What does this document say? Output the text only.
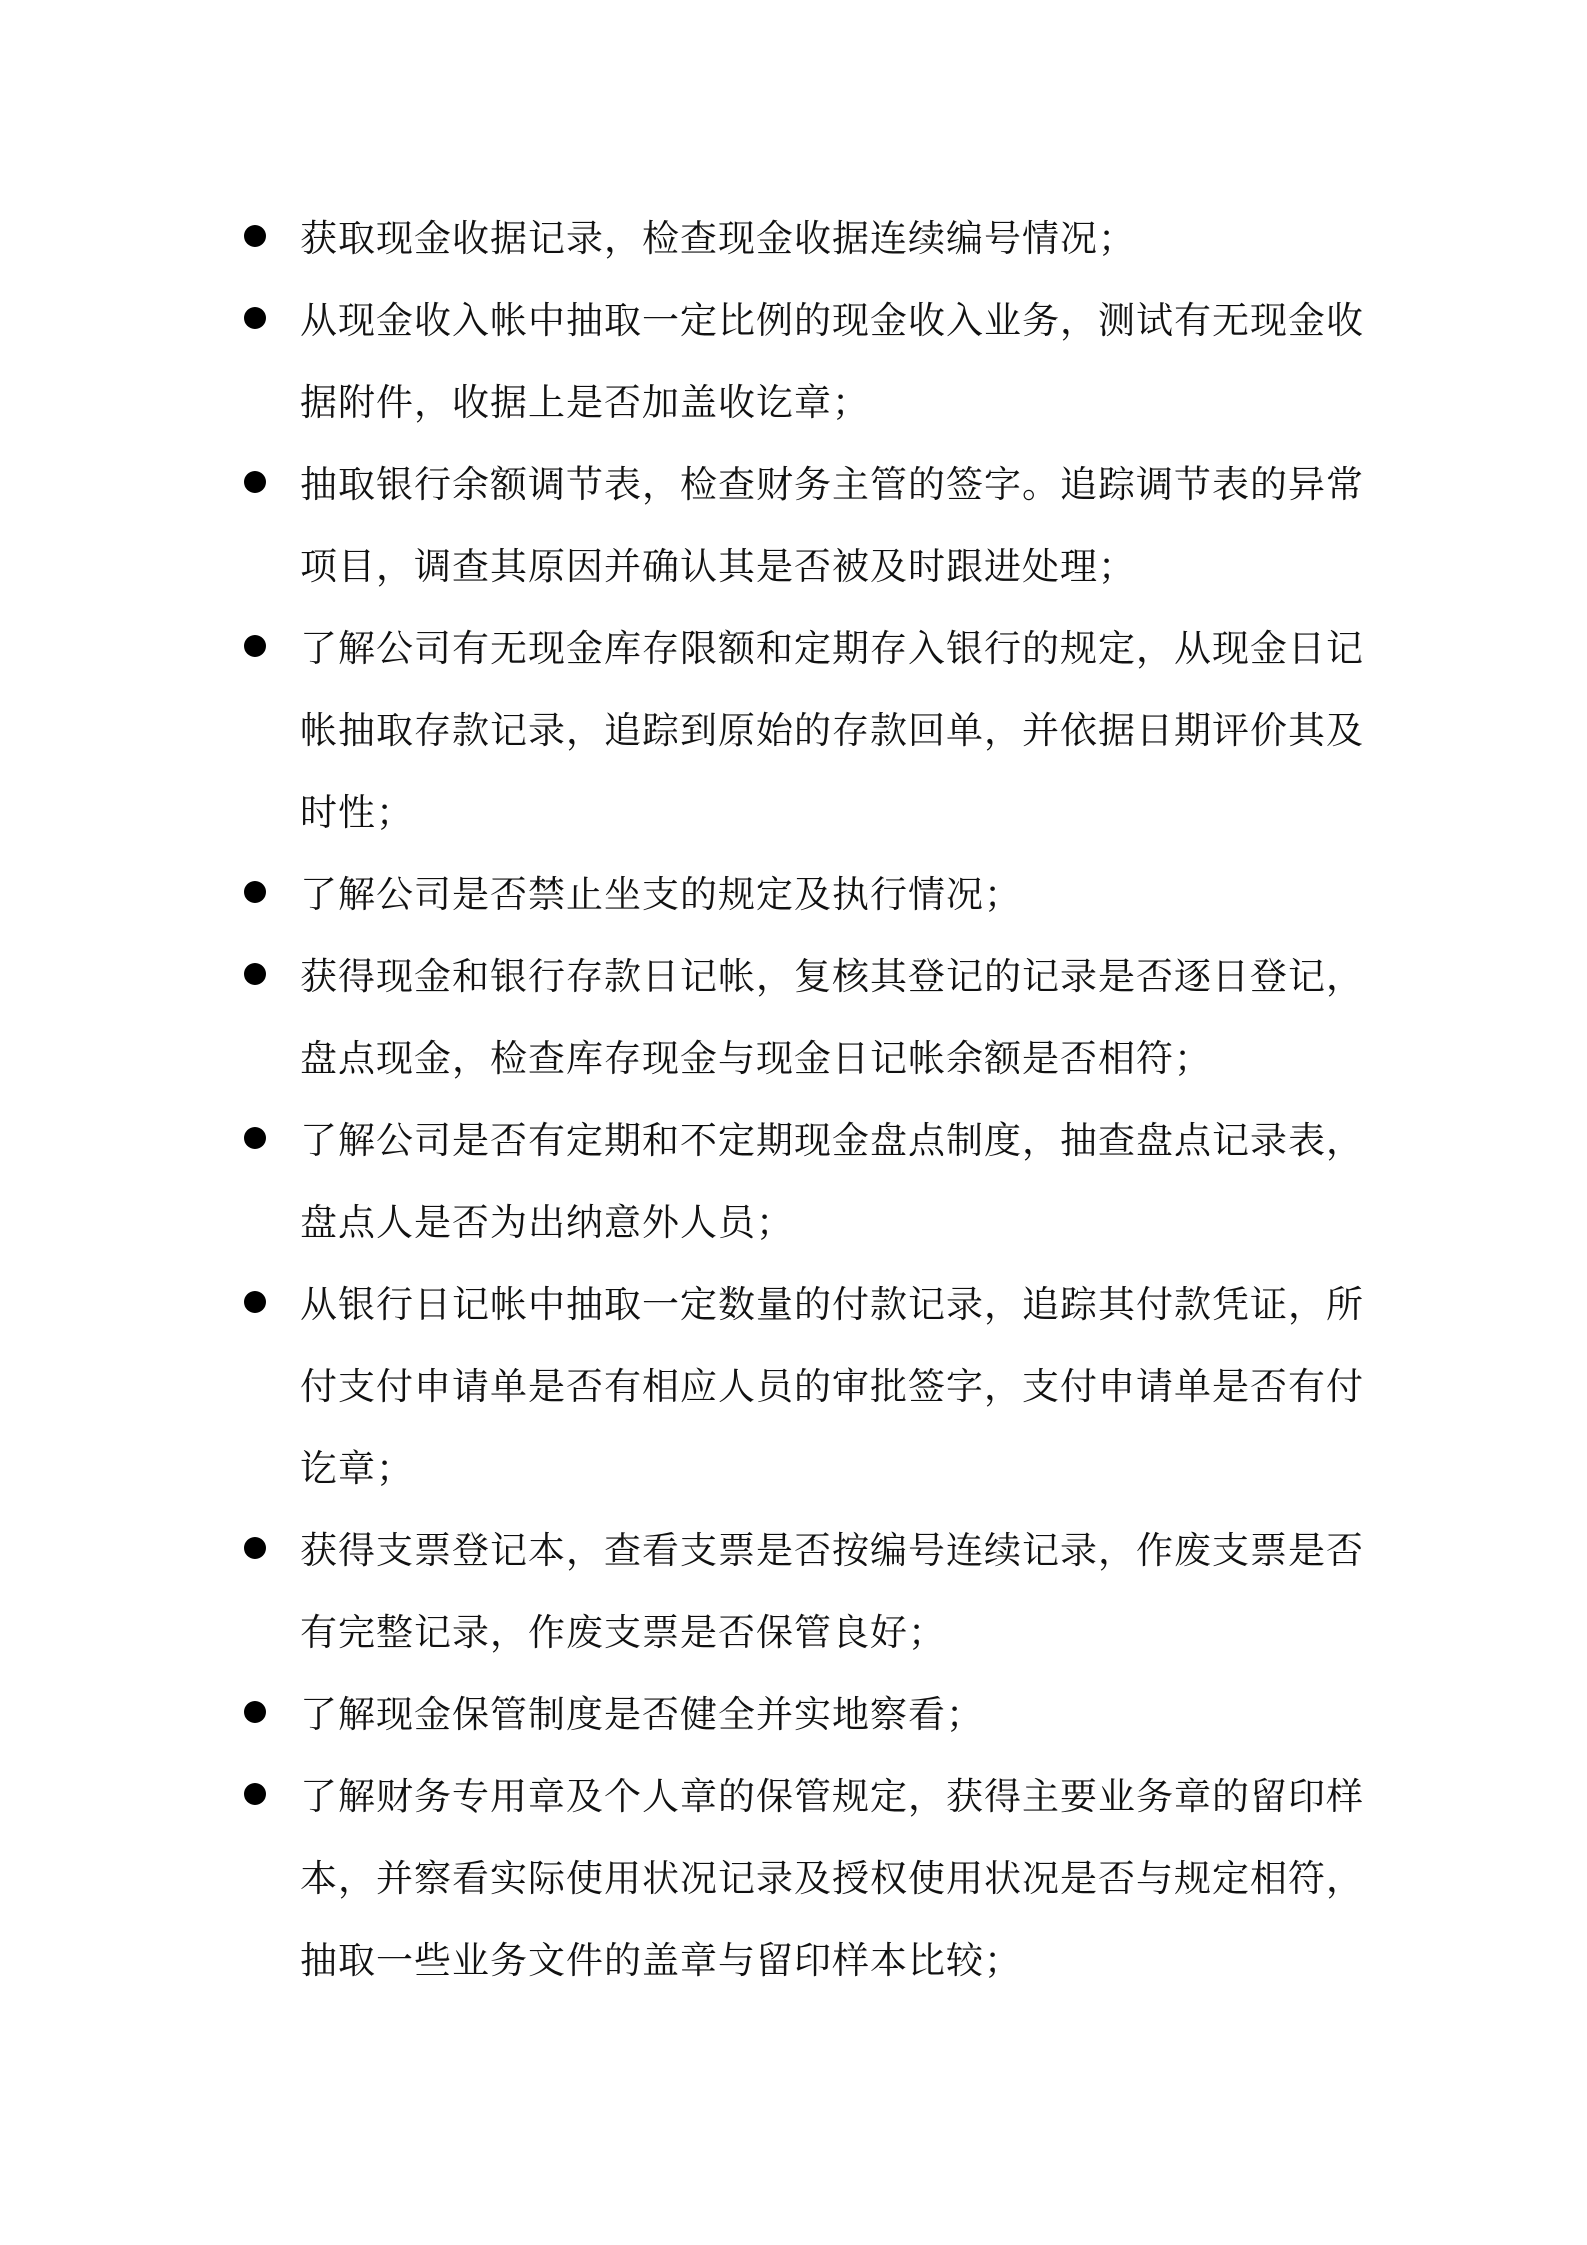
获取现金收据记录，检查现金收据连续编号情况；
从现金收入帐中抽取一定比例的现金收入业务，测试有无现金收
据附件，收据上是否加盖收讫章；
抽取银行余额调节表，检查财务主管的签字。追踪调节表的异常
项目，调查其原因并确认其是否被及时跟进处理；
了解公司有无现金库存限额和定期存入银行的规定，从现金日记
帐抽取存款记录，追踪到原始的存款回单，并依据日期评价其及
时性；
了解公司是否禁止坐支的规定及执行情况；
获得现金和银行存款日记帐，复核其登记的记录是否逐日登记，
盘点现金，检查库存现金与现金日记帐余额是否相符；
了解公司是否有定期和不定期现金盘点制度，抽查盘点记录表，
盘点人是否为出纳意外人员；
从银行日记帐中抽取一定数量的付款记录，追踪其付款凭证，所
付支付申请单是否有相应人员的审批签字，支付申请单是否有付
讫章；
获得支票登记本，查看支票是否按编号连续记录，作废支票是否
有完整记录，作废支票是否保管良好；
了解现金保管制度是否健全并实地察看；
了解财务专用章及个人章的保管规定，获得主要业务章的留印样
本，并察看实际使用状况记录及授权使用状况是否与规定相符，
抽取一些业务文件的盖章与留印样本比较；
